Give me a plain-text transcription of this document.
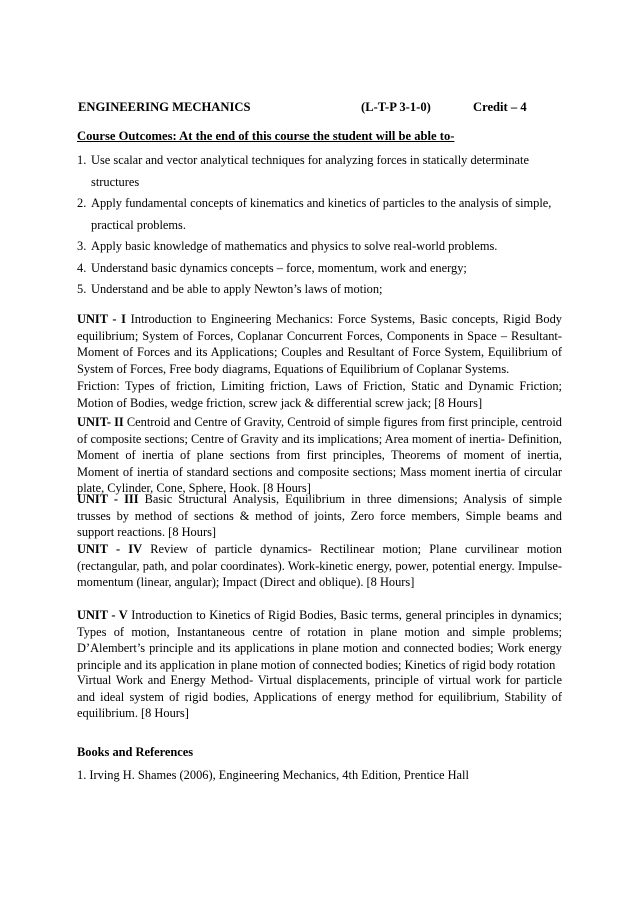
ENGINEERING MECHANICS	(L-T-P 3-1-0)	Credit – 4
Course Outcomes: At the end of this course the student will be able to-
1. Use scalar and vector analytical techniques for analyzing forces in statically determinate structures
2. Apply fundamental concepts of kinematics and kinetics of particles to the analysis of simple, practical problems.
3. Apply basic knowledge of mathematics and physics to solve real-world problems.
4. Understand basic dynamics concepts – force, momentum, work and energy;
5. Understand and be able to apply Newton’s laws of motion;

UNIT - I Introduction to Engineering Mechanics: Force Systems, Basic concepts, Rigid Body equilibrium; System of Forces, Coplanar Concurrent Forces, Components in Space – Resultant- Moment of Forces and its Applications; Couples and Resultant of Force System, Equilibrium of System of Forces, Free body diagrams, Equations of Equilibrium of Coplanar Systems.

Friction: Types of friction, Limiting friction, Laws of Friction, Static and Dynamic Friction; Motion of Bodies, wedge friction, screw jack & differential screw jack; [8 Hours]

UNIT- II Centroid and Centre of Gravity, Centroid of simple figures from first principle, centroid of composite sections; Centre of Gravity and its implications; Area moment of inertia- Definition, Moment of inertia of plane sections from first principles, Theorems of moment of inertia, Moment of inertia of standard sections and composite sections; Mass moment inertia of circular plate, Cylinder, Cone, Sphere, Hook. [8 Hours]

UNIT - III Basic Structural Analysis, Equilibrium in three dimensions; Analysis of simple trusses by method of sections & method of joints, Zero force members, Simple beams and support reactions. [8 Hours]

UNIT - IV Review of particle dynamics- Rectilinear motion; Plane curvilinear motion (rectangular, path, and polar coordinates). Work-kinetic energy, power, potential energy. Impulse-momentum (linear, angular); Impact (Direct and oblique). [8 Hours]

UNIT - V Introduction to Kinetics of Rigid Bodies, Basic terms, general principles in dynamics; Types of motion, Instantaneous centre of rotation in plane motion and simple problems; D’Alembert’s principle and its applications in plane motion and connected bodies; Work energy principle and its application in plane motion of connected bodies; Kinetics of rigid body rotation

Virtual Work and Energy Method- Virtual displacements, principle of virtual work for particle and ideal system of rigid bodies, Applications of energy method for equilibrium, Stability of equilibrium. [8 Hours]

Books and References
1. Irving H. Shames (2006), Engineering Mechanics, 4th Edition, Prentice Hall
